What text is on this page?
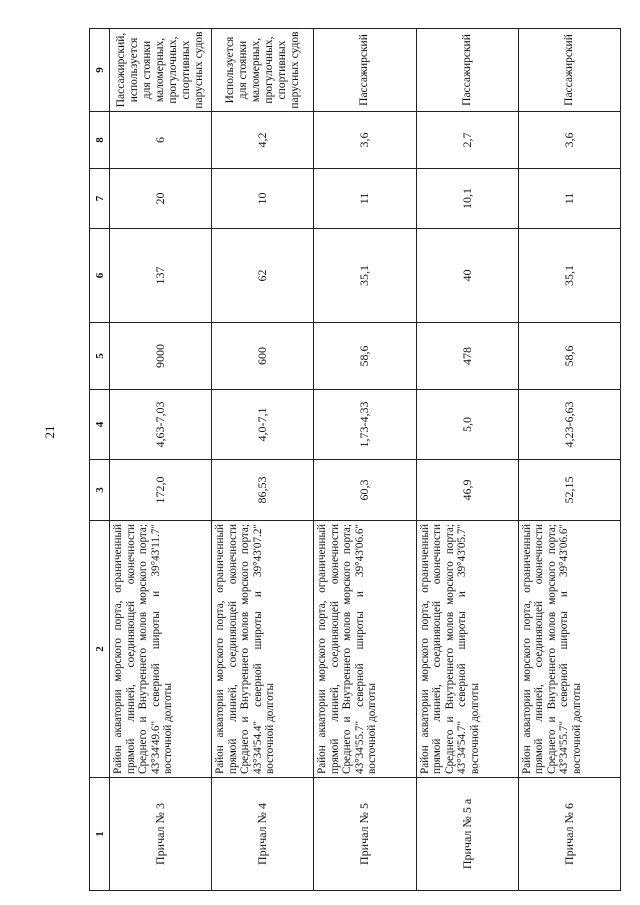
21
1	2	3	4	5	6	7	8	9
Причал № 3	Район акватории морского порта, ограниченный прямой линией, соединяющей оконечности Среднего и Внутреннего молов морского порта; 43°34'49.6" северной широты и 39°43'11.7" восточной долготы	172,0	4,63-7,03	9000	137	20	6	Пассажирский, используется для стоянки маломерных, прогулочных, спортивных парусных судов
Причал № 4	Район акватории морского порта, ограниченный прямой линией, соединяющей оконечности Среднего и Внутреннего молов морского порта; 43°34'54.4" северной широты и 39°43'07.2" восточной долготы	86,53	4,0-7,1	600	62	10	4,2	Используется для стоянки маломерных, прогулочных, спортивных парусных судов
Причал № 5	Район акватории морского порта, ограниченный прямой линией, соединяющей оконечности Среднего и Внутреннего молов морского порта; 43°34'55.7" северной широты и 39°43'06.6" восточной долготы	60,3	1,73-4,33	58,6	35,1	11	3,6	Пассажирский
Причал № 5 а	Район акватории морского порта, ограниченный прямой линией, соединяющей оконечности Среднего и Внутреннего молов морского порта; 43°34'54.7" северной широты и 39°43'05.7" восточной долготы	46,9	5,0	478	40	10,1	2,7	Пассажирский
Причал № 6	Район акватории морского порта, ограниченный прямой линией, соединяющей оконечности Среднего и Внутреннего молов морского порта; 43°34'55.7" северной широты и 39°43'06.6" восточной долготы	52,15	4,23-6,63	58,6	35,1	11	3,6	Пассажирский
